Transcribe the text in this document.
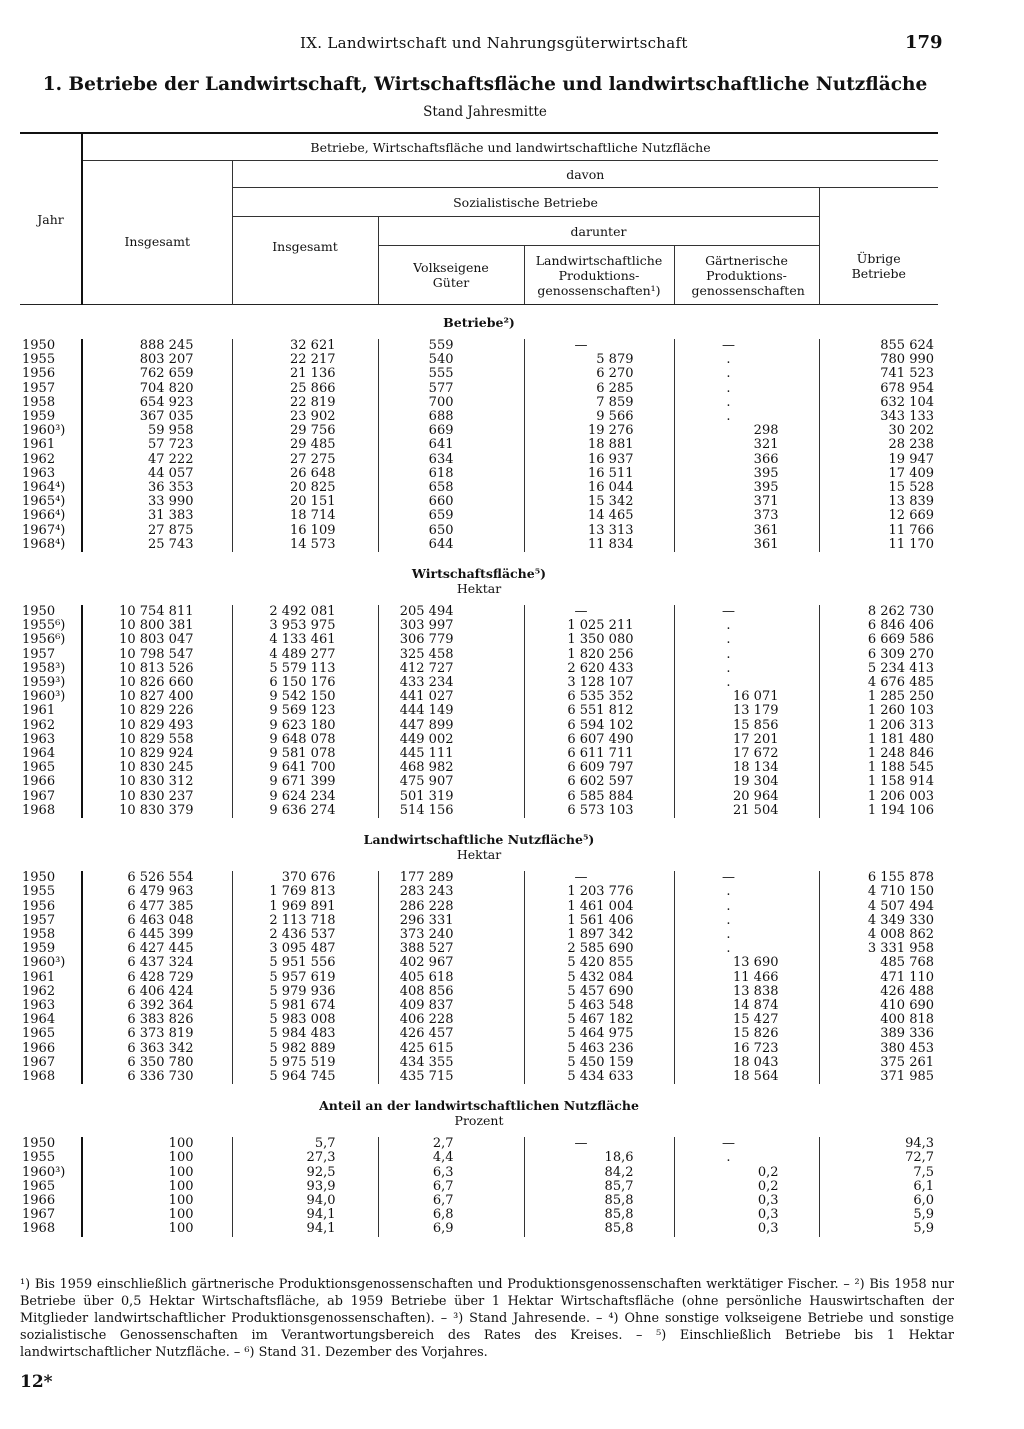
IX. Landwirtschaft und Nahrungsgüterwirtschaft	179
1. Betriebe der Landwirtschaft, Wirtschaftsfläche und landwirtschaftliche Nutzfläche
Stand Jahresmitte
Jahr	Betriebe, Wirtschaftsfläche und landwirtschaftliche Nutzfläche					
	Insgesamt	davon				
		Sozialistische Betriebe				Übrige Betriebe
		Insgesamt	darunter			
			Volkseigene Güter	Landwirtschaftliche Produktions-genossenschaften¹)	Gärtnerische Produktions-genossenschaften	

Betriebe²)						

1950	888 245	32 621	559	—	—	855 624
1955	803 207	22 217	540	5 879	.	780 990
1956	762 659	21 136	555	6 270	.	741 523
1957	704 820	25 866	577	6 285	.	678 954
1958	654 923	22 819	700	7 859	.	632 104
1959	367 035	23 902	688	9 566	.	343 133
1960³)	59 958	29 756	669	19 276	298	30 202
1961	57 723	29 485	641	18 881	321	28 238
1962	47 222	27 275	634	16 937	366	19 947
1963	44 057	26 648	618	16 511	395	17 409
1964⁴)	36 353	20 825	658	16 044	395	15 528
1965⁴)	33 990	20 151	660	15 342	371	13 839
1966⁴)	31 383	18 714	659	14 465	373	12 669
1967⁴)	27 875	16 109	650	13 313	361	11 766
1968⁴)	25 743	14 573	644	11 834	361	11 170

Wirtschaftsfläche⁵)
Hektar						

1950	10 754 811	2 492 081	205 494	—	—	8 262 730
1955⁶)	10 800 381	3 953 975	303 997	1 025 211	.	6 846 406
1956⁶)	10 803 047	4 133 461	306 779	1 350 080	.	6 669 586
1957	10 798 547	4 489 277	325 458	1 820 256	.	6 309 270
1958³)	10 813 526	5 579 113	412 727	2 620 433	.	5 234 413
1959³)	10 826 660	6 150 176	433 234	3 128 107	.	4 676 485
1960³)	10 827 400	9 542 150	441 027	6 535 352	16 071	1 285 250
1961	10 829 226	9 569 123	444 149	6 551 812	13 179	1 260 103
1962	10 829 493	9 623 180	447 899	6 594 102	15 856	1 206 313
1963	10 829 558	9 648 078	449 002	6 607 490	17 201	1 181 480
1964	10 829 924	9 581 078	445 111	6 611 711	17 672	1 248 846
1965	10 830 245	9 641 700	468 982	6 609 797	18 134	1 188 545
1966	10 830 312	9 671 399	475 907	6 602 597	19 304	1 158 914
1967	10 830 237	9 624 234	501 319	6 585 884	20 964	1 206 003
1968	10 830 379	9 636 274	514 156	6 573 103	21 504	1 194 106

Landwirtschaftliche Nutzfläche⁵)
Hektar						

1950	6 526 554	370 676	177 289	—	—	6 155 878
1955	6 479 963	1 769 813	283 243	1 203 776	.	4 710 150
1956	6 477 385	1 969 891	286 228	1 461 004	.	4 507 494
1957	6 463 048	2 113 718	296 331	1 561 406	.	4 349 330
1958	6 445 399	2 436 537	373 240	1 897 342	.	4 008 862
1959	6 427 445	3 095 487	388 527	2 585 690	.	3 331 958
1960³)	6 437 324	5 951 556	402 967	5 420 855	13 690	485 768
1961	6 428 729	5 957 619	405 618	5 432 084	11 466	471 110
1962	6 406 424	5 979 936	408 856	5 457 690	13 838	426 488
1963	6 392 364	5 981 674	409 837	5 463 548	14 874	410 690
1964	6 383 826	5 983 008	406 228	5 467 182	15 427	400 818
1965	6 373 819	5 984 483	426 457	5 464 975	15 826	389 336
1966	6 363 342	5 982 889	425 615	5 463 236	16 723	380 453
1967	6 350 780	5 975 519	434 355	5 450 159	18 043	375 261
1968	6 336 730	5 964 745	435 715	5 434 633	18 564	371 985

Anteil an der landwirtschaftlichen Nutzfläche
Prozent						

1950	100	5,7	2,7	—	—	94,3
1955	100	27,3	4,4	18,6	.	72,7
1960³)	100	92,5	6,3	84,2	0,2	7,5
1965	100	93,9	6,7	85,7	0,2	6,1
1966	100	94,0	6,7	85,8	0,3	6,0
1967	100	94,1	6,8	85,8	0,3	5,9
1968	100	94,1	6,9	85,8	0,3	5,9
¹) Bis 1959 einschließlich gärtnerische Produktionsgenossenschaften und Produktionsgenossenschaften werktätiger Fischer. – ²) Bis 1958 nur Betriebe über 0,5 Hektar Wirtschaftsfläche, ab 1959 Betriebe über 1 Hektar Wirtschaftsfläche (ohne persönliche Hauswirtschaften der Mitglieder landwirtschaftlicher Produktionsgenossenschaften). – ³) Stand Jahresende. – ⁴) Ohne sonstige volkseigene Betriebe und sonstige sozialistische Genossenschaften im Verantwortungsbereich des Rates des Kreises. – ⁵) Einschließlich Betriebe bis 1 Hektar landwirtschaftlicher Nutzfläche. – ⁶) Stand 31. Dezember des Vorjahres.
12*
